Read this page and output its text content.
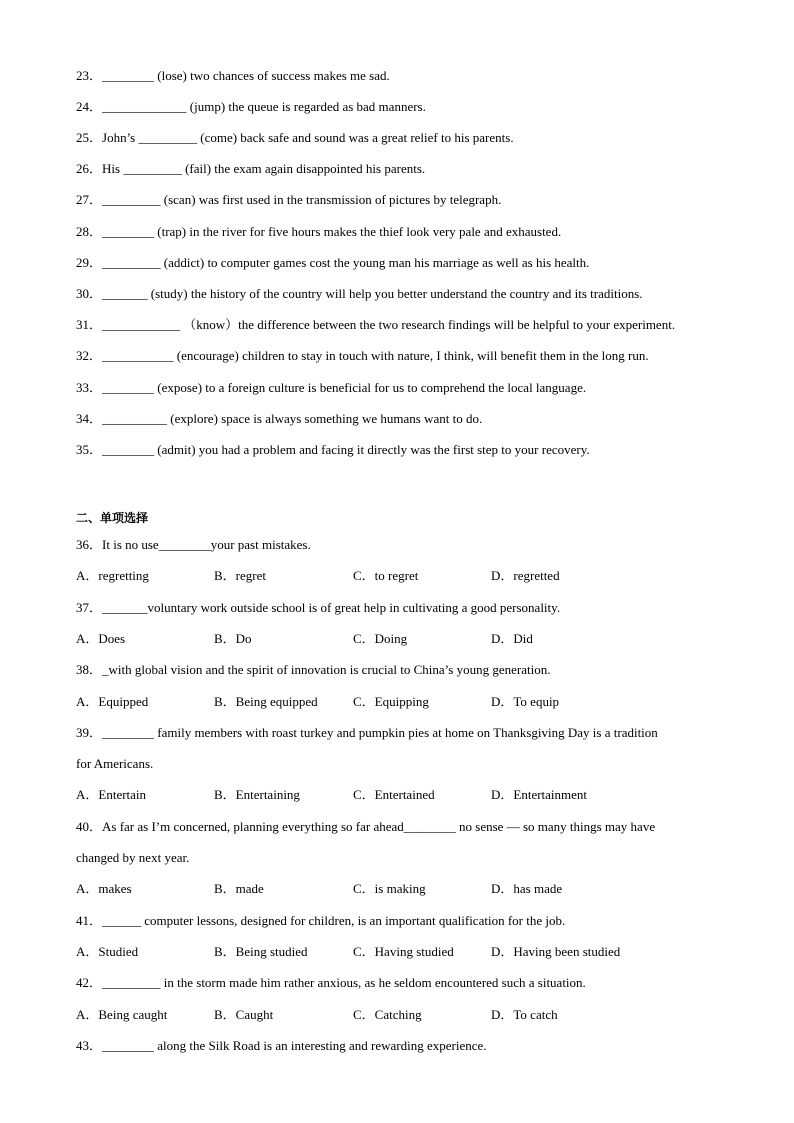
23．________ (lose) two chances of success makes me sad.
24．_____________ (jump) the queue is regarded as bad manners.
25．John’s _________ (come) back safe and sound was a great relief to his parents.
26．His _________ (fail) the exam again disappointed his parents.
27．_________ (scan) was first used in the transmission of pictures by telegraph.
28．________ (trap) in the river for five hours makes the thief look very pale and exhausted.
29．_________ (addict) to computer games cost the young man his marriage as well as his health.
30．_______ (study) the history of the country will help you better understand the country and its traditions.
31．____________ （know）the difference between the two research findings will be helpful to your experiment.
32．___________ (encourage) children to stay in touch with nature, I think, will benefit them in the long run.
33．________ (expose) to a foreign culture is beneficial for us to comprehend the local language.
34．__________ (explore) space is always something we humans want to do.
35．________ (admit) you had a problem and facing it directly was the first step to your recovery.
二、单项选择
36．It is no use________your past mistakes.
A．regretting	B．regret	C．to regret	D．regretted
37．_______voluntary work outside school is of great help in cultivating a good personality.
A．Does	B．Do	C．Doing	D．Did
38．_with global vision and the spirit of innovation is crucial to China’s young generation.
A．Equipped	B．Being equipped	C．Equipping	D．To equip
39．________ family members with roast turkey and pumpkin pies at home on Thanksgiving Day is a tradition
for Americans.
A．Entertain	B．Entertaining	C．Entertained	D．Entertainment
40．As far as I’m concerned, planning everything so far ahead________ no sense — so many things may have
changed by next year.
A．makes	B．made	C．is making	D．has made
41．______ computer lessons, designed for children, is an important qualification for the job.
A．Studied	B．Being studied	C．Having studied	D．Having been studied
42．_________ in the storm made him rather anxious, as he seldom encountered such a situation.
A．Being caught	B．Caught	C．Catching	D．To catch
43．________ along the Silk Road is an interesting and rewarding experience.
